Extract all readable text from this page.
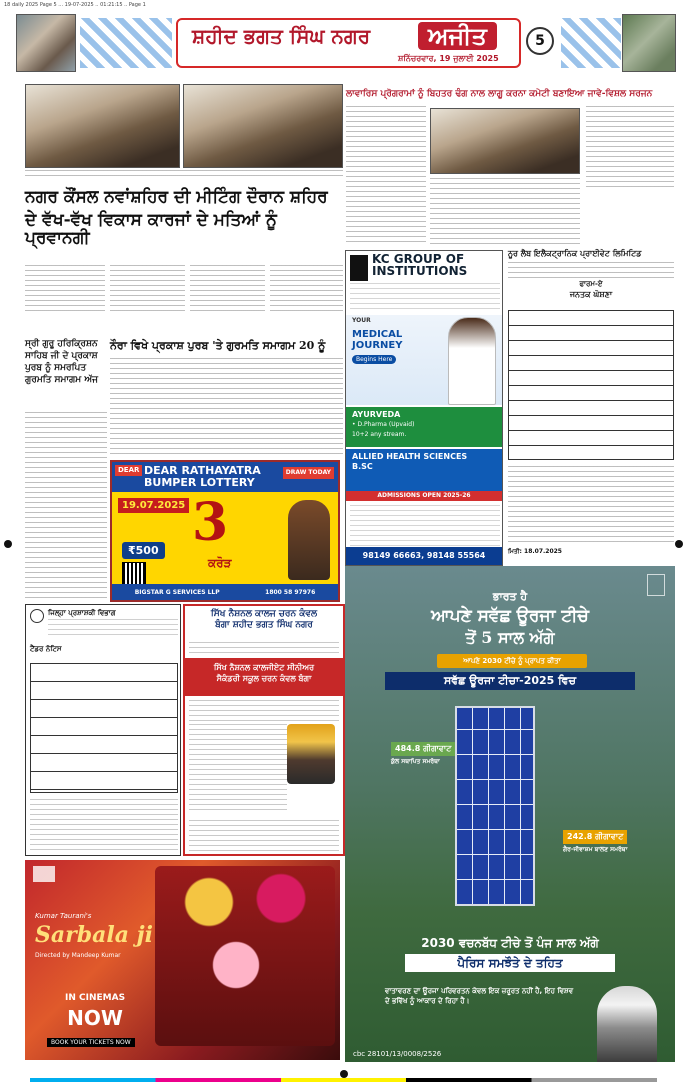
18 daily 2025 Page 5 ... 19-07-2025 .. 01:21:15 .. Page 1
ਸ਼ਹੀਦ ਭਗਤ ਸਿੰਘ ਨਗਰ	ਅਜੀਤ
ਸ਼ਨਿੱਚਰਵਾਰ, 19 ਜੁਲਾਈ 2025
5
ਲਾਵਾਰਿਸ ਪ੍ਰੋਗਰਾਮਾਂ ਨੂੰ ਬਿਹਤਰ ਢੰਗ ਨਾਲ ਲਾਗੂ ਕਰਨਾ ਕਮੇਟੀ ਬਣਾਇਆ ਜਾਵੇ-ਵਿਸ਼ਲ ਸਰਜਨ
ਨਗਰ ਕੌਂਸਲ ਨਵਾਂਸ਼ਹਿਰ ਦੀ ਮੀਟਿੰਗ ਦੌਰਾਨ ਸ਼ਹਿਰ
ਦੇ ਵੱਖ-ਵੱਖ ਵਿਕਾਸ ਕਾਰਜਾਂ ਦੇ ਮਤਿਆਂ ਨੂੰ ਪ੍ਰਵਾਨਗੀ
ਸ੍ਰੀ ਗੁਰੂ ਹਰਿਕ੍ਰਿਸ਼ਨ ਸਾਹਿਬ ਜੀ ਦੇ ਪ੍ਰਕਾਸ਼ ਪੁਰਬ ਨੂੰ ਸਮਰਪਿਤ ਗੁਰਮਤਿ ਸਮਾਗਮ ਅੱਜ
ਨੌਰਾ ਵਿਖੇ ਪ੍ਰਕਾਸ਼ ਪੁਰਬ 'ਤੇ ਗੁਰਮਤਿ ਸਮਾਗਮ 20 ਨੂੰ
ਨੂਰ ਲੈਬ ਇਲੈਕਟ੍ਰਾਨਿਕ ਪ੍ਰਾਈਵੇਟ ਲਿਮਿਟਿਡ
ਫਾਰਮ-ਏ
ਜਨਤਕ ਘੋਸ਼ਣਾ
ਮਿਤੀ: 18.07.2025
KC GROUP OF
INSTITUTIONS
YOUR
MEDICAL
JOURNEY
Begins Here
AYURVEDA
• D.Pharma (Upvaid)
10+2 any stream.
ALLIED HEALTH SCIENCES
B.SC
ADMISSIONS OPEN 2025-26
98149 66663, 98148 55564
DEAR DEAR RATHAYATRA
BUMPER LOTTERY
DRAW TODAY
19.07.2025 3
ਕਰੋੜ
₹500
BIGSTAR G SERVICES LLP	1800 58 97976
ਜਿਲ੍ਹਾ ਪ੍ਰਸ਼ਾਸ਼ਕੀ ਵਿਭਾਗ
ਟੈਂਡਰ ਨੋਟਿਸ
ਸਿੱਖ ਨੈਸ਼ਨਲ ਕਾਲਜ ਚਰਨ ਕੰਵਲ
ਬੰਗਾ ਸ਼ਹੀਦ ਭਗਤ ਸਿੰਘ ਨਗਰ
ਸਿੱਖ ਨੈਸ਼ਨਲ ਕਾਲਜੀਏਟ ਸੀਨੀਅਰ
ਸੈਕੰਡਰੀ ਸਕੂਲ ਚਰਨ ਕੰਵਲ ਬੰਗਾ
Kumar Taurani's
Sarbala ji
Directed by Mandeep Kumar
IN CINEMAS
NOW
BOOK YOUR TICKETS NOW
ਭਾਰਤ ਹੈ
ਆਪਣੇ ਸਵੱਛ ਊਰਜਾ ਟੀਚੇ
ਤੋਂ 5 ਸਾਲ ਅੱਗੇ
ਆਪਣੇ 2030 ਟੀਚੇ ਨੂੰ ਪ੍ਰਾਪਤ ਕੀਤਾ
ਸਵੱਛ ਊਰਜਾ ਟੀਚਾ-2025 ਵਿਚ
484.8 ਗੀਗਾਵਾਟ
ਕੁੱਲ ਸਥਾਪਿਤ ਸਮਰੱਥਾ
242.8 ਗੀਗਾਵਾਟ
ਗੈਰ-ਜੀਵਾਸ਼ਮ ਬਾਲਣ ਸਮਰੱਥਾ
2030 ਵਚਨਬੱਧ ਟੀਚੇ ਤੋਂ ਪੰਜ ਸਾਲ ਅੱਗੇ
ਪੈਰਿਸ ਸਮਝੌਤੇ ਦੇ ਤਹਿਤ
ਵਾਤਾਵਰਣ ਦਾ ਊਰਜਾ ਪਰਿਵਰਤਨ ਕੇਵਲ ਇਕ ਜ਼ਰੂਰਤ ਨਹੀਂ ਹੈ, ਇਹ ਵਿਸ਼ਵ ਦੇ ਭਵਿੱਖ ਨੂੰ ਆਕਾਰ ਦੇ ਰਿਹਾ ਹੈ।
cbc 28101/13/0008/2526
